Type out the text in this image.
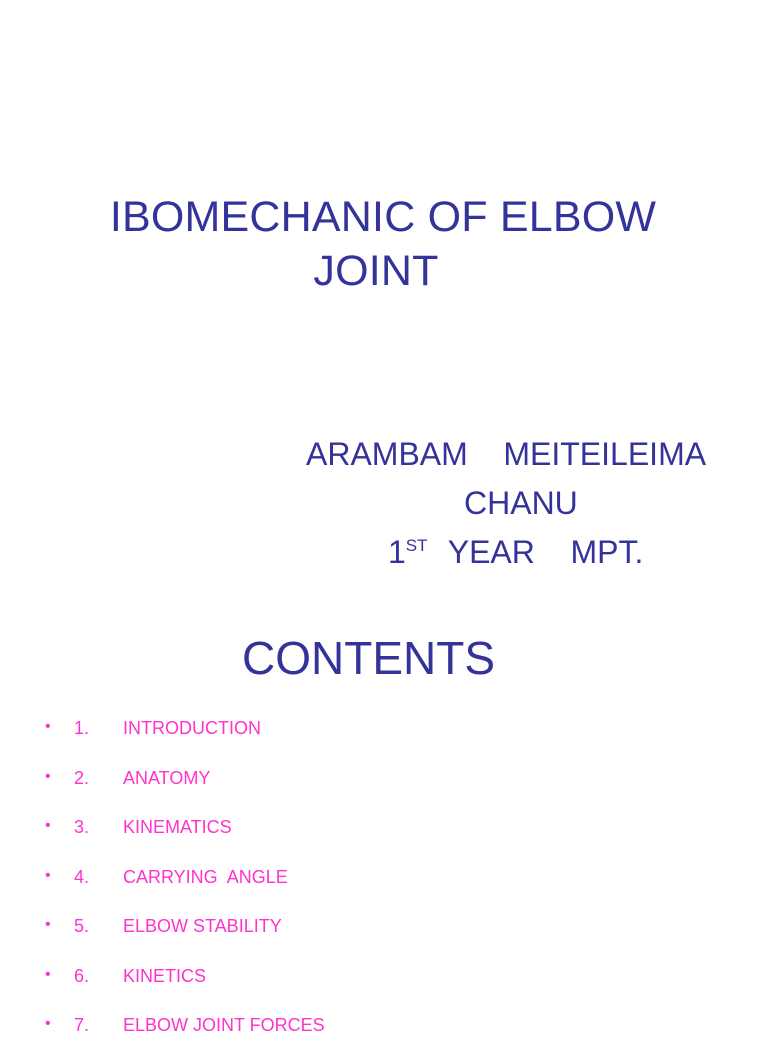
IBOMECHANIC OF ELBOW
JOINT

ARAMBAM    MEITEILEIMA

CHANU

1ST  YEAR    MPT.

CONTENTS
• 1. INTRODUCTION
• 2. ANATOMY
• 3. KINEMATICS
• 4. CARRYING  ANGLE
• 5. ELBOW STABILITY
• 6. KINETICS
• 7. ELBOW JOINT FORCES
